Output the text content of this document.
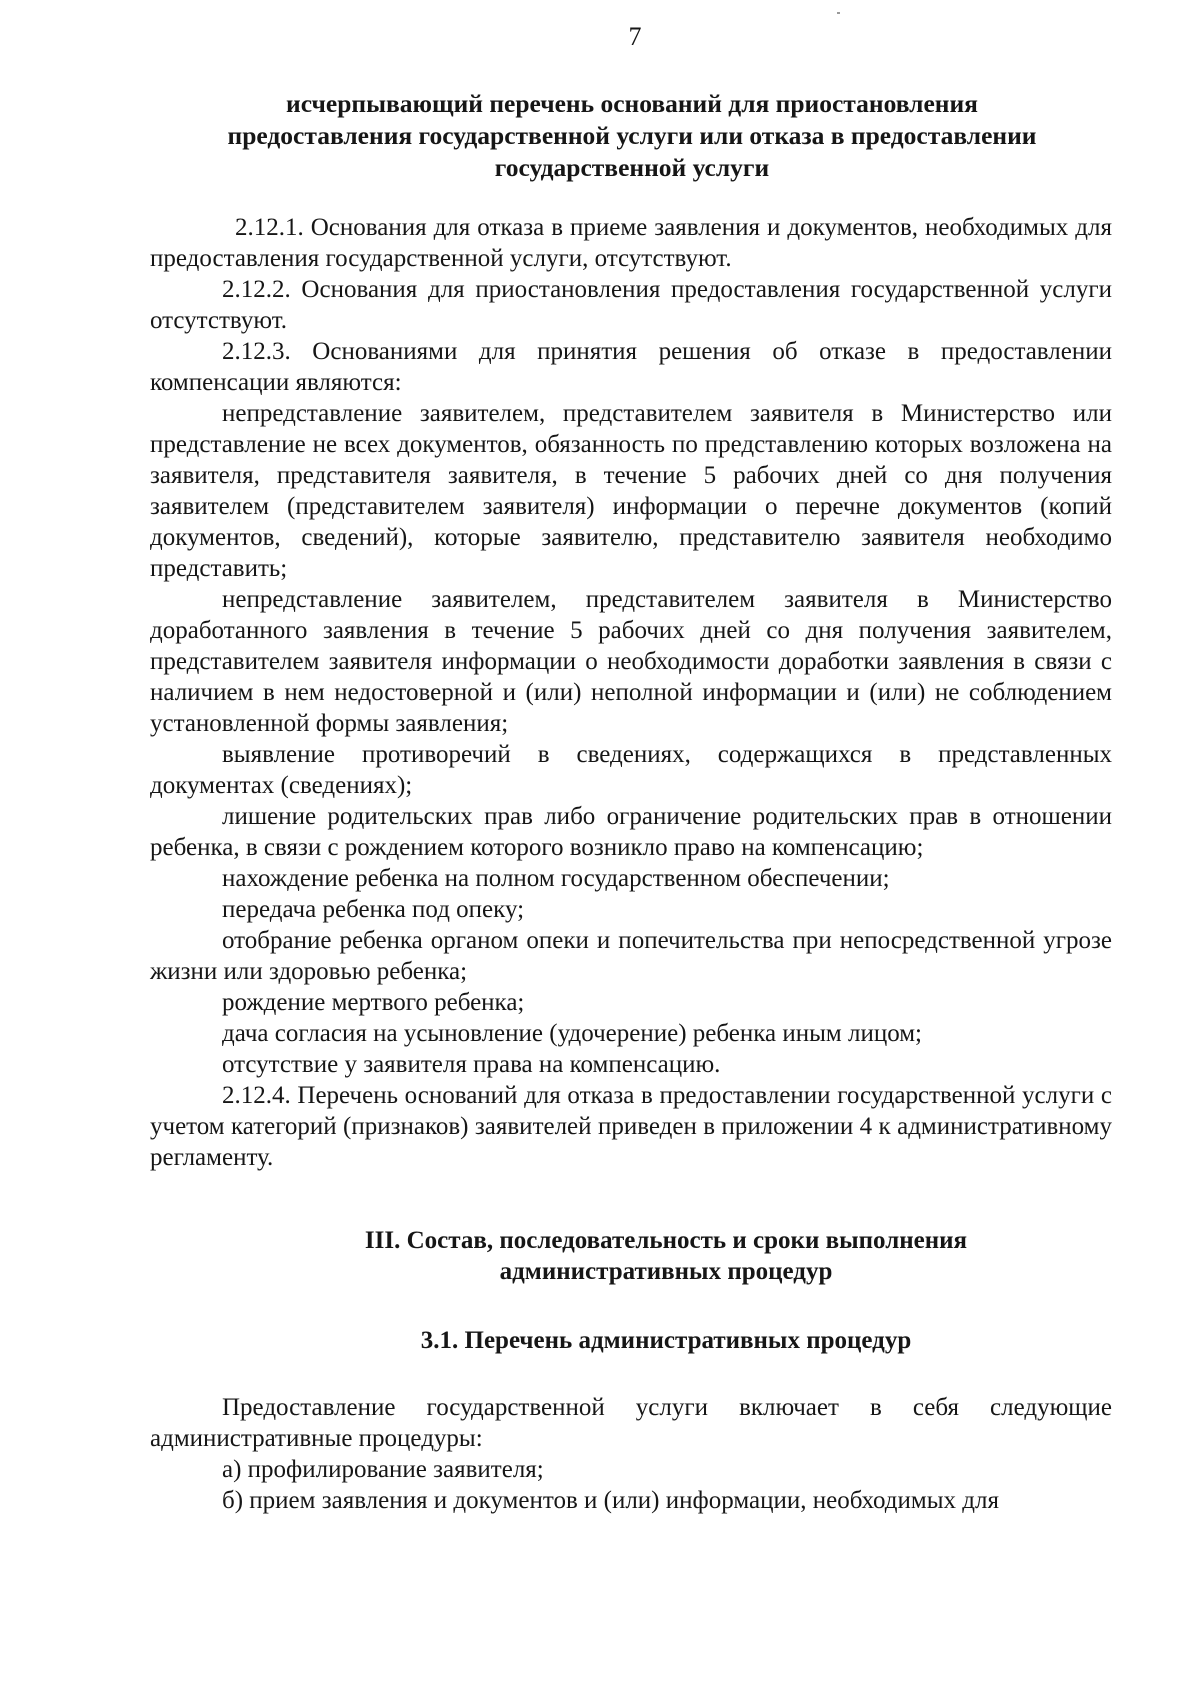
7
исчерпывающий перечень оснований для приостановления
предоставления государственной услуги или отказа в предоставлении
государственной услуги

2.12.1. Основания для отказа в приеме заявления и документов, необходимых для предоставления государственной услуги, отсутствуют.

2.12.2. Основания для приостановления предоставления государственной услуги отсутствуют.

2.12.3. Основаниями для принятия решения об отказе в предоставлении компенсации являются:

непредставление заявителем, представителем заявителя в Министерство или представление не всех документов, обязанность по представлению которых возложена на заявителя, представителя заявителя, в течение 5 рабочих дней со дня получения заявителем (представителем заявителя) информации о перечне документов (копий документов, сведений), которые заявителю, представителю заявителя необходимо представить;

непредставление заявителем, представителем заявителя в Министерство доработанного заявления в течение 5 рабочих дней со дня получения заявителем, представителем заявителя информации о необходимости доработки заявления в связи с наличием в нем недостоверной и (или) неполной информации и (или) не соблюдением установленной формы заявления;

выявление противоречий в сведениях, содержащихся в представленных документах (сведениях);

лишение родительских прав либо ограничение родительских прав в отношении ребенка, в связи с рождением которого возникло право на компенсацию;

нахождение ребенка на полном государственном обеспечении;

передача ребенка под опеку;

отобрание ребенка органом опеки и попечительства при непосредственной угрозе жизни или здоровью ребенка;

рождение мертвого ребенка;

дача согласия на усыновление (удочерение) ребенка иным лицом;

отсутствие у заявителя права на компенсацию.

2.12.4. Перечень оснований для отказа в предоставлении государственной услуги с учетом категорий (признаков) заявителей приведен в приложении 4 к административному регламенту.

III. Состав, последовательность и сроки выполнения
административных процедур
3.1. Перечень административных процедур

Предоставление государственной услуги включает в себя следующие административные процедуры:

а) профилирование заявителя;

б) прием заявления и документов и (или) информации, необходимых для
